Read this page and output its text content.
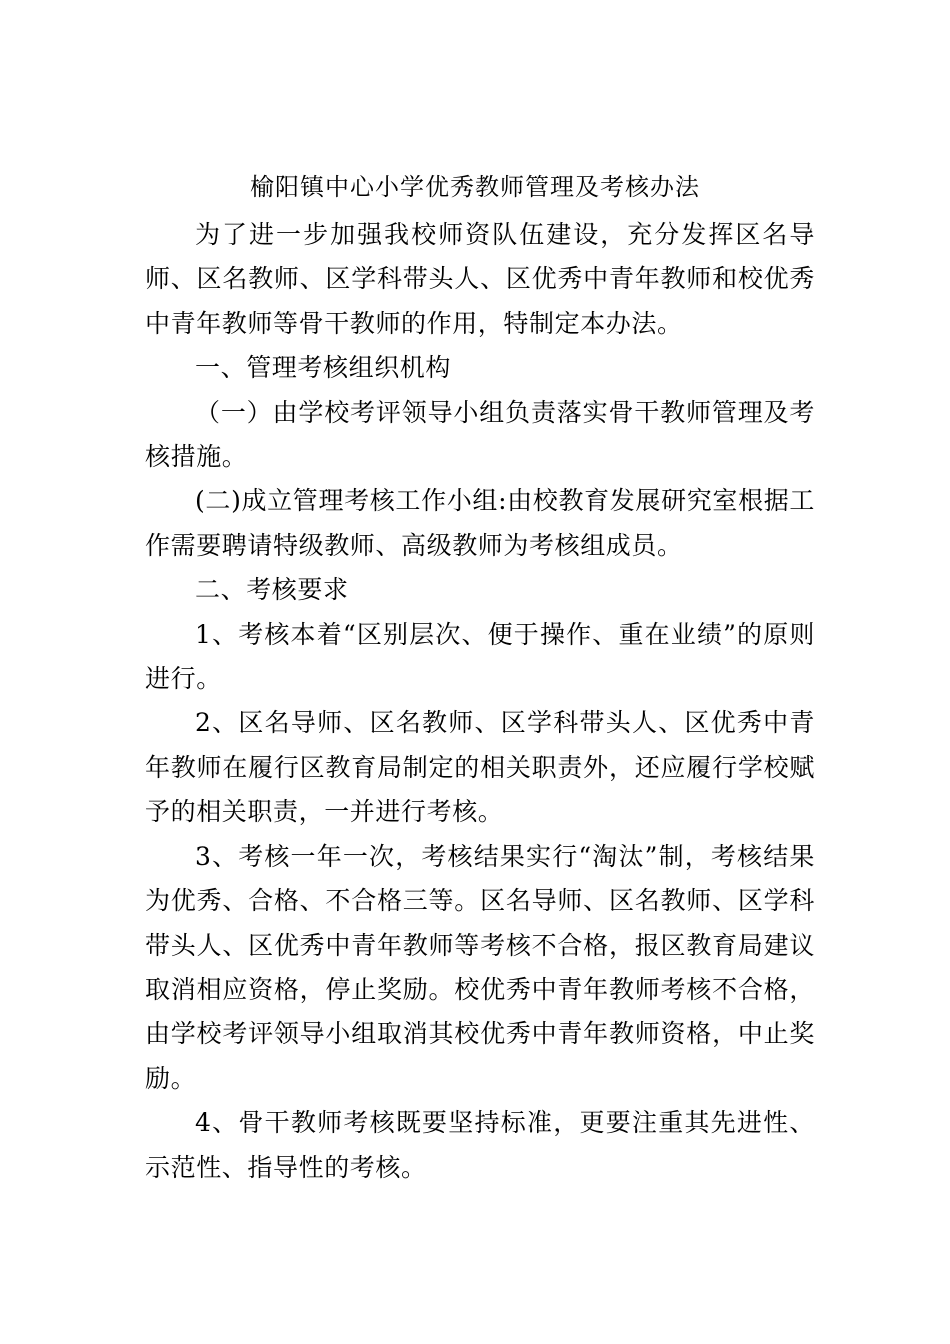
榆阳镇中心小学优秀教师管理及考核办法

为了进一步加强我校师资队伍建设，充分发挥区名导师、区名教师、区学科带头人、区优秀中青年教师和校优秀中青年教师等骨干教师的作用，特制定本办法。

一、管理考核组织机构

（一）由学校考评领导小组负责落实骨干教师管理及考核措施。

(二)成立管理考核工作小组:由校教育发展研究室根据工作需要聘请特级教师、高级教师为考核组成员。

二、考核要求

1、考核本着“区别层次、便于操作、重在业绩”的原则进行。

2、区名导师、区名教师、区学科带头人、区优秀中青年教师在履行区教育局制定的相关职责外，还应履行学校赋予的相关职责，一并进行考核。

3、考核一年一次，考核结果实行“淘汰”制，考核结果为优秀、合格、不合格三等。区名导师、区名教师、区学科带头人、区优秀中青年教师等考核不合格，报区教育局建议取消相应资格，停止奖励。校优秀中青年教师考核不合格，由学校考评领导小组取消其校优秀中青年教师资格，中止奖励。

4、骨干教师考核既要坚持标准，更要注重其先进性、示范性、指导性的考核。
